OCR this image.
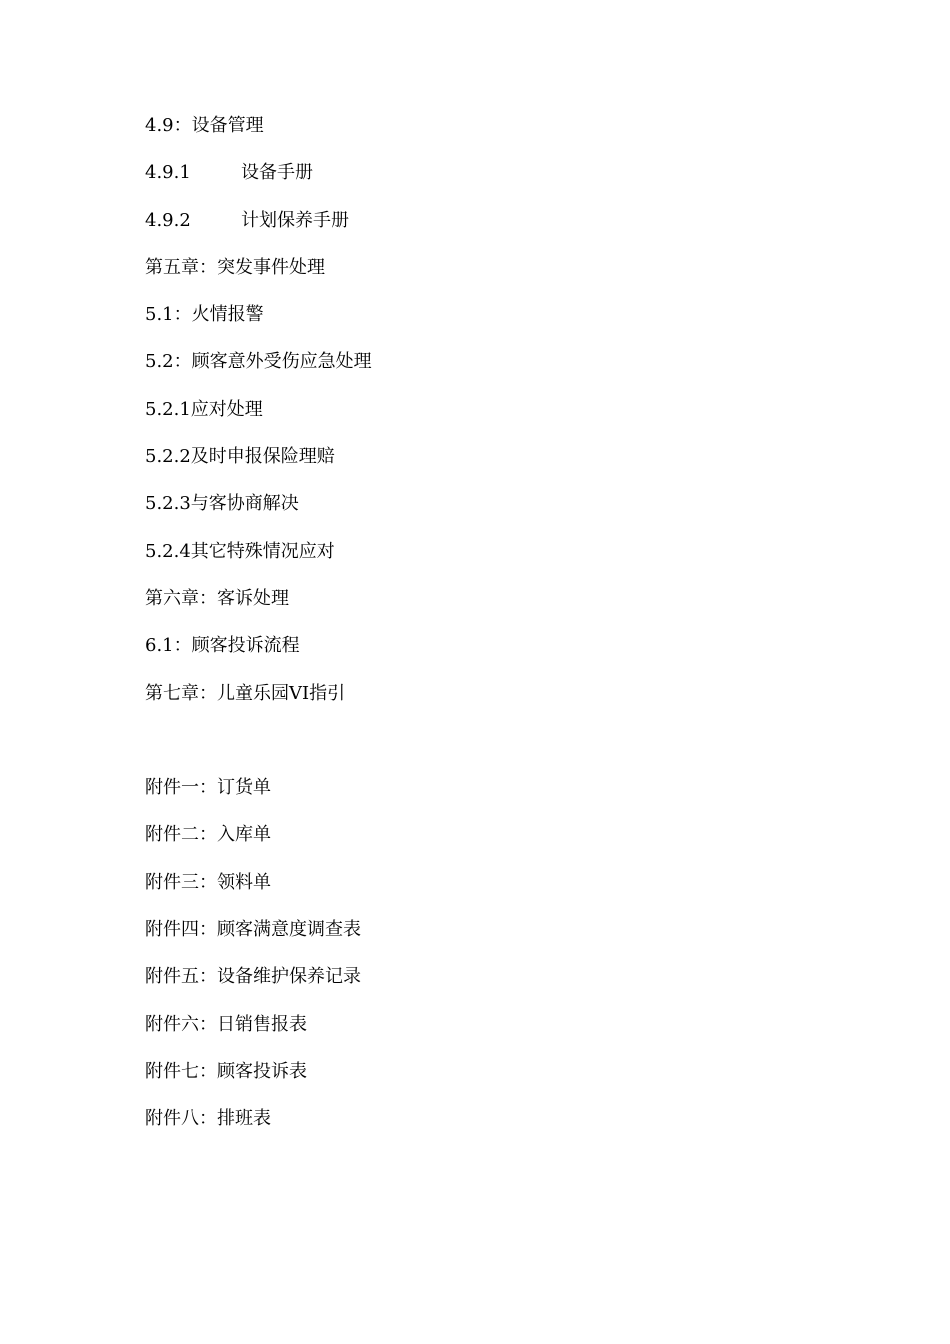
4.9：设备管理
4.9.1	设备手册
4.9.2	计划保养手册
第五章：突发事件处理
5.1：火情报警
5.2：顾客意外受伤应急处理
5.2.1应对处理
5.2.2及时申报保险理赔
5.2.3与客协商解决
5.2.4其它特殊情况应对
第六章：客诉处理
6.1：顾客投诉流程
第七章：儿童乐园VI指引
附件一：订货单
附件二：入库单
附件三：领料单
附件四：顾客满意度调查表
附件五：设备维护保养记录
附件六：日销售报表
附件七：顾客投诉表
附件八：排班表
